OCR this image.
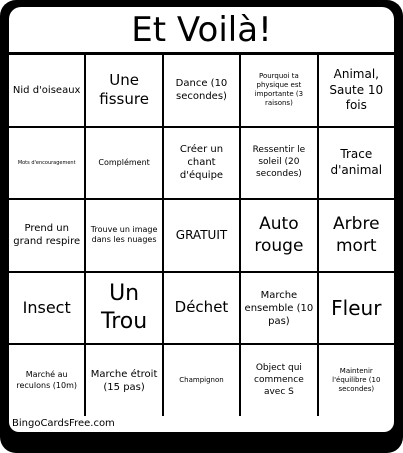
Et Voilà!
Nid d'oiseaux
Une fissure
Dance (10 secondes)
Pourquoi ta physique est importante (3 raisons)
Animal, Saute 10 fois
Mots d'encouragement	Complément
Créer un chant d'équipe
Ressentir le soleil (20 secondes)
Trace d'animal
Prend un grand respire
Trouve un image dans les nuages	GRATUIT
Auto rouge
Arbre mort
Insect
Un Trou
Déchet
Marche ensemble (10 pas)
Fleur
Marché au reculons (10m)
Marche étroit (15 pas)
Champignon
Object qui commence avec S
Maintenir l'équilibre (10 secondes)
BingoCardsFree.com
